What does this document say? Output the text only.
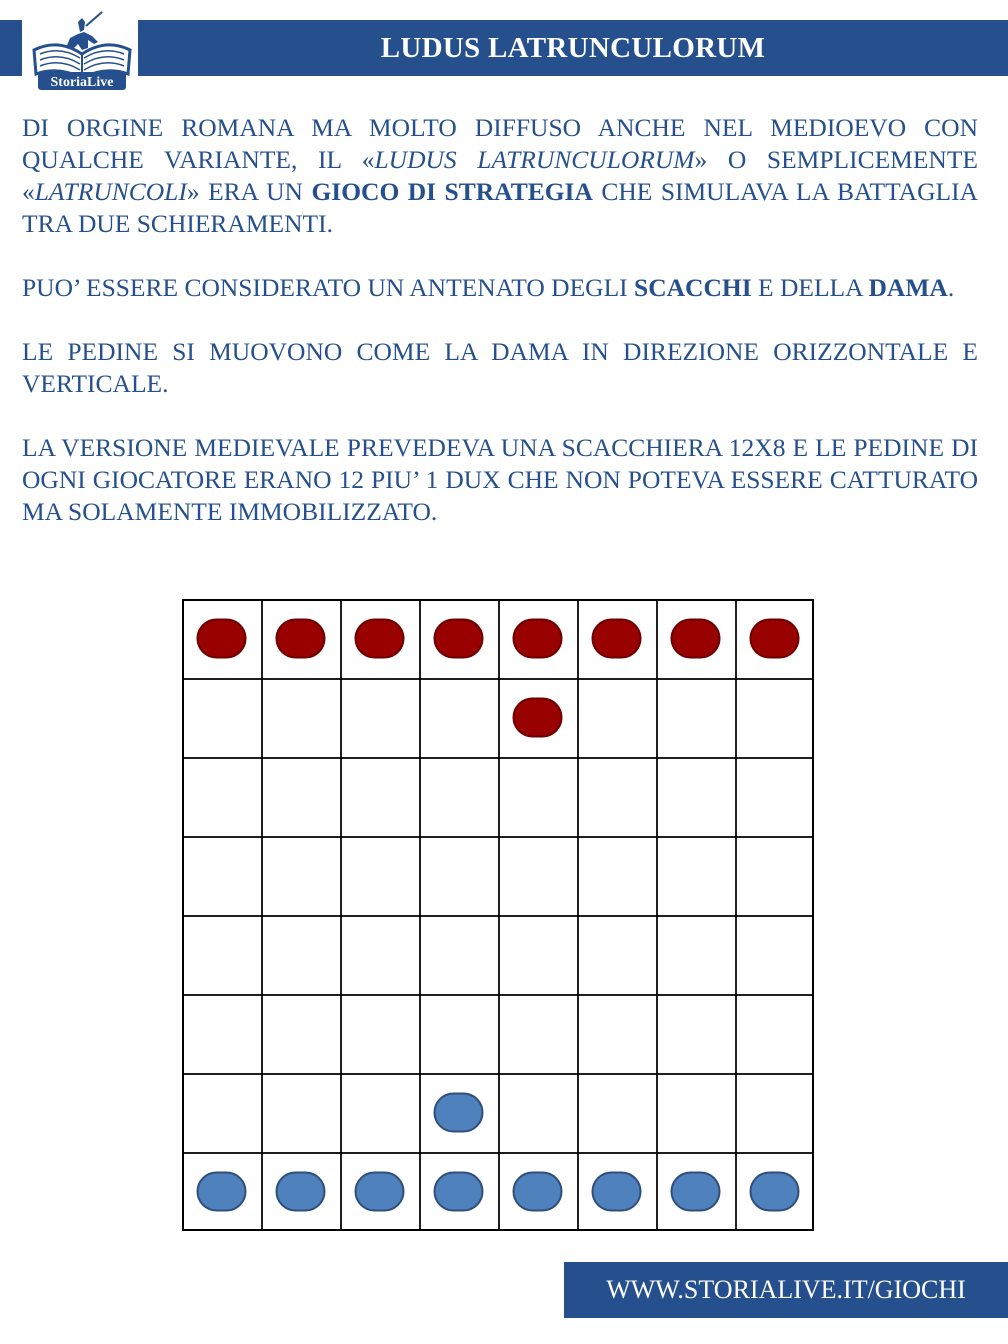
StoriaLive
LUDUS LATRUNCULORUM

DI ORGINE ROMANA MA MOLTO DIFFUSO ANCHE NEL MEDIOEVO CON QUALCHE VARIANTE, IL «LUDUS LATRUNCULORUM» O SEMPLICEMENTE «LATRUNCOLI» ERA UN GIOCO DI STRATEGIA CHE SIMULAVA LA BATTAGLIA TRA DUE SCHIERAMENTI.

PUO’ ESSERE CONSIDERATO UN ANTENATO DEGLI SCACCHI E DELLA DAMA.

LE PEDINE SI MUOVONO COME LA DAMA IN DIREZIONE ORIZZONTALE E VERTICALE.

LA VERSIONE MEDIEVALE PREVEDEVA UNA SCACCHIERA 12X8 E LE PEDINE DI OGNI GIOCATORE ERANO 12 PIU’ 1 DUX CHE NON POTEVA ESSERE CATTURATO MA SOLAMENTE IMMOBILIZZATO.

WWW.STORIALIVE.IT/GIOCHI
